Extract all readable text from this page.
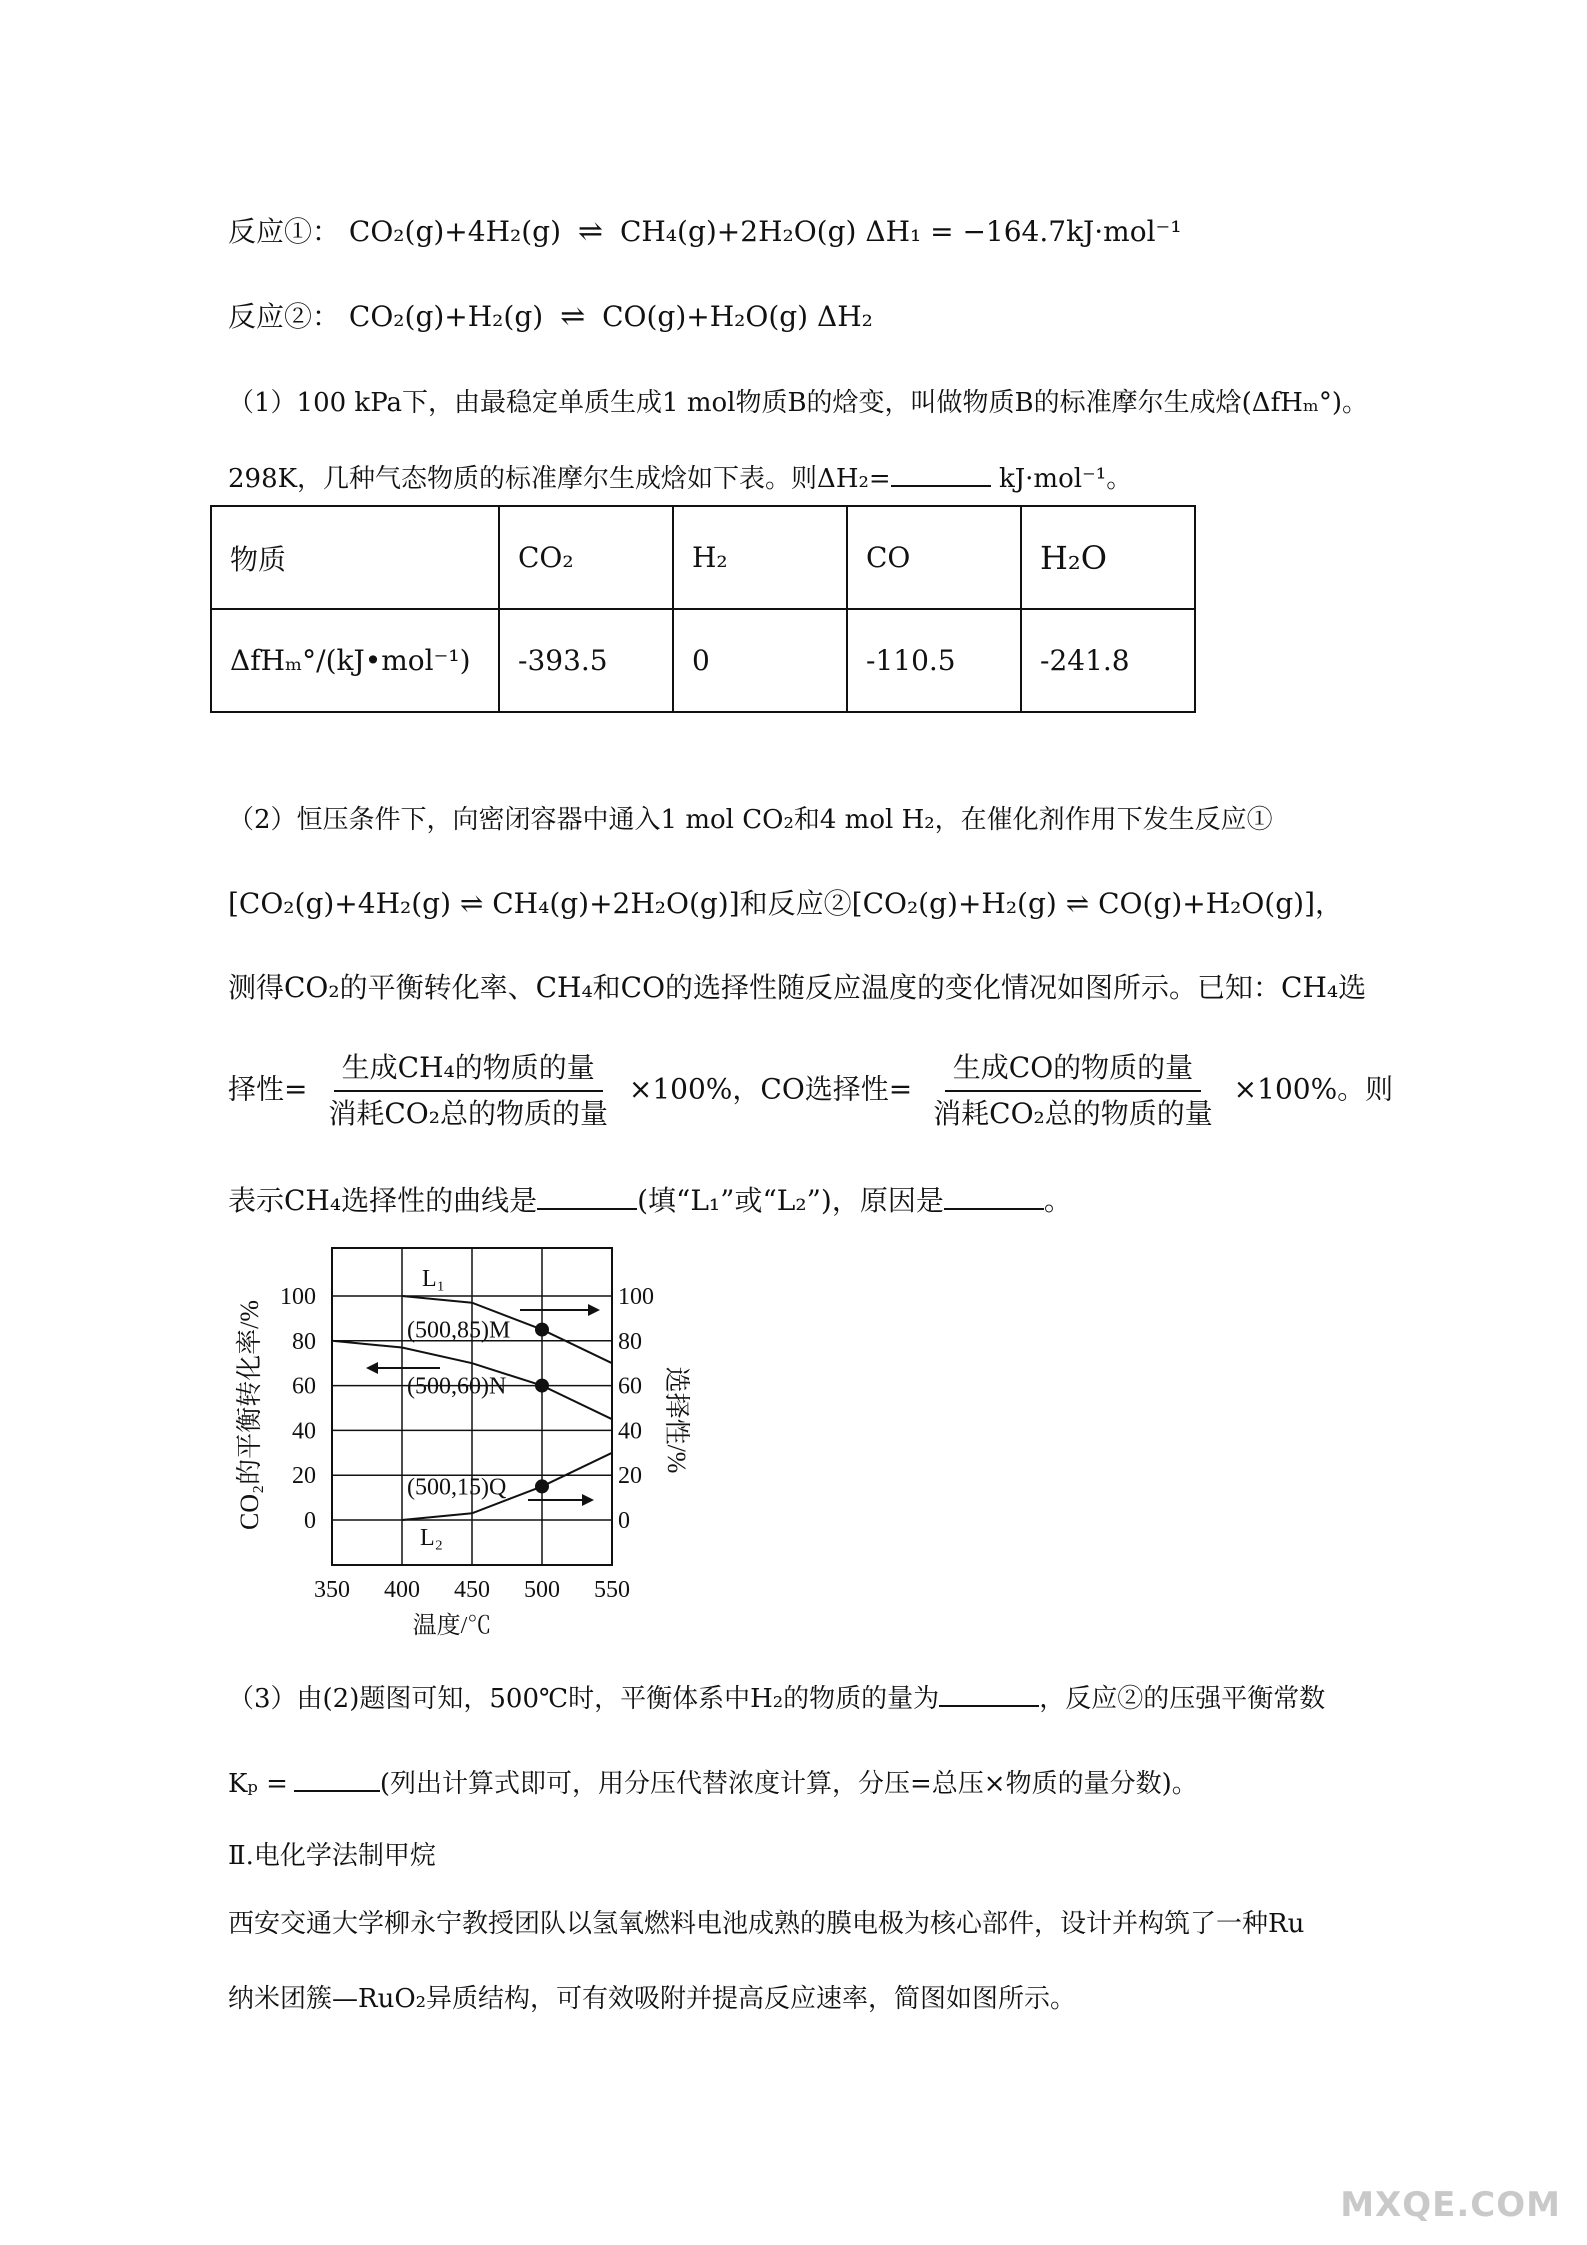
反应①： CO₂(g)+4H₂(g) ⇌ CH₄(g)+2H₂O(g) ΔH₁ = −164.7kJ·mol⁻¹
反应②： CO₂(g)+H₂(g) ⇌ CO(g)+H₂O(g) ΔH₂
（1）100 kPa下，由最稳定单质生成1 mol物质B的焓变，叫做物质B的标准摩尔生成焓(ΔfHₘ°)。
298K，几种气态物质的标准摩尔生成焓如下表。则ΔH₂=	kJ·mol⁻¹。
物质	CO₂	H₂	CO	H₂O
ΔfHₘ°/(kJ•mol⁻¹)	-393.5	0	-110.5	-241.8
（2）恒压条件下，向密闭容器中通入1 mol CO₂和4 mol H₂，在催化剂作用下发生反应①
[CO₂(g)+4H₂(g) ⇌ CH₄(g)+2H₂O(g)]和反应②[CO₂(g)+H₂(g) ⇌ CO(g)+H₂O(g)]，
测得CO₂的平衡转化率、CH₄和CO的选择性随反应温度的变化情况如图所示。已知：CH₄选
择性= $\frac{\text{生成CH₄的物质的量}}{\text{消耗CO₂总的物质的量}} \times 100\%$，CO选择性= $\frac{\text{生成CO的物质的量}}{\text{消耗CO₂总的物质的量}} \times 100\%$。则
表示CH₄选择性的曲线是	(填“L₁”或“L₂”)，原因是	。
(500,85)M
(500,60)N
(500,15)Q
L₁
L₂
0
20
40
60
80
100
0
20
40
60
80
100
350 400 450 500 550
温度/℃
CO₂的平衡转化率/%	选择性/%
（3）由(2)题图可知，500℃时，平衡体系中H₂的物质的量为	，反应②的压强平衡常数
Kₚ =	(列出计算式即可，用分压代替浓度计算，分压=总压×物质的量分数)。
Ⅱ.电化学法制甲烷
西安交通大学柳永宁教授团队以氢氧燃料电池成熟的膜电极为核心部件，设计并构筑了一种Ru
纳米团簇—RuO₂异质结构，可有效吸附并提高反应速率，简图如图所示。
MXQE.COM
